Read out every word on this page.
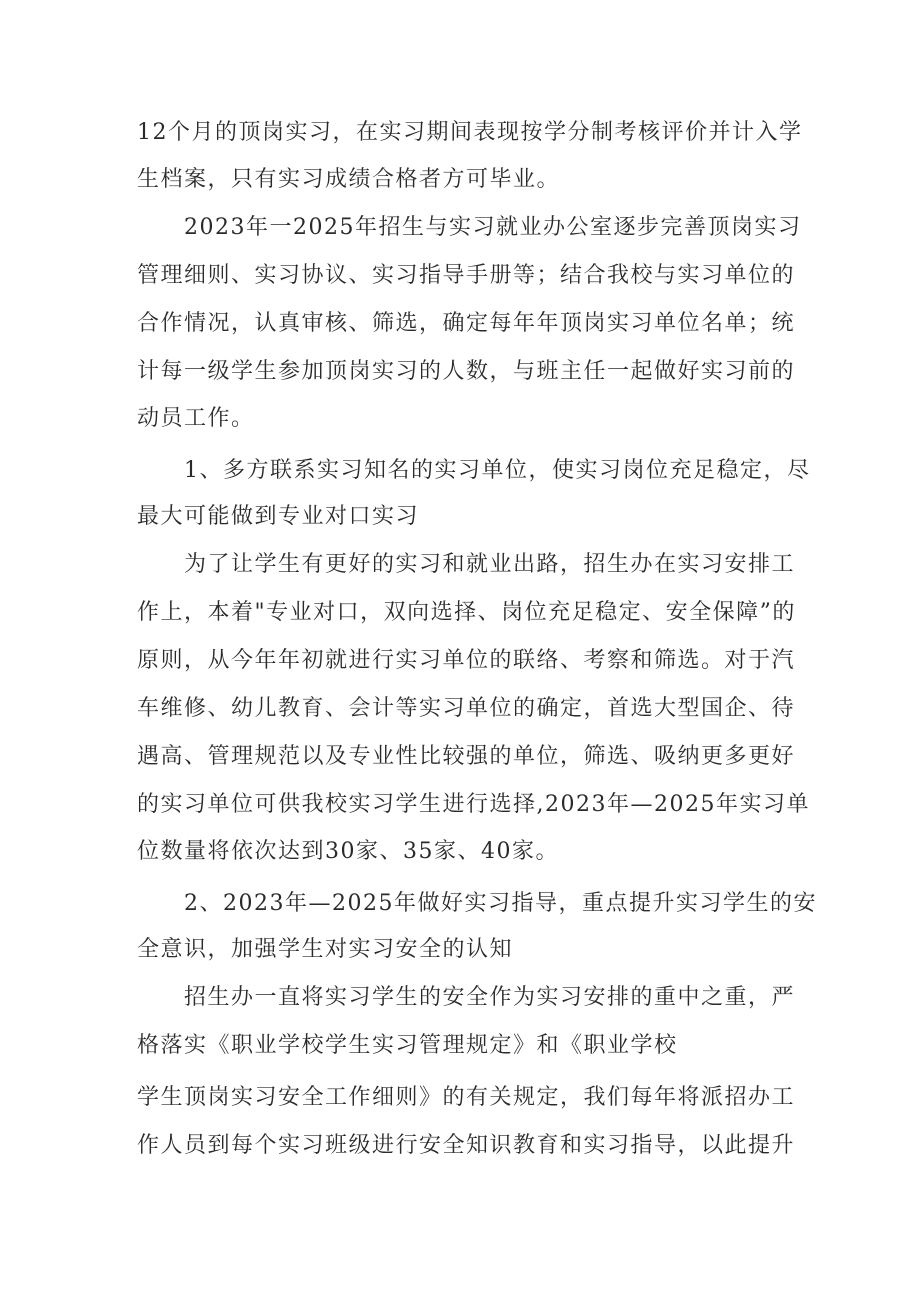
12个月的顶岗实习，在实习期间表现按学分制考核评价并计入学
生档案，只有实习成绩合格者方可毕业。
2023年一2025年招生与实习就业办公室逐步完善顶岗实习
管理细则、实习协议、实习指导手册等；结合我校与实习单位的
合作情况，认真审核、筛选，确定每年年顶岗实习单位名单；统
计每一级学生参加顶岗实习的人数，与班主任一起做好实习前的
动员工作。
1、多方联系实习知名的实习单位，使实习岗位充足稳定，尽
最大可能做到专业对口实习
为了让学生有更好的实习和就业出路，招生办在实习安排工
作上，本着"专业对口，双向选择、岗位充足稳定、安全保障”的
原则，从今年年初就进行实习单位的联络、考察和筛选。对于汽
车维修、幼儿教育、会计等实习单位的确定，首选大型国企、待
遇高、管理规范以及专业性比较强的单位，筛选、吸纳更多更好
的实习单位可供我校实习学生进行选择,2023年—2025年实习单
位数量将依次达到30家、35家、40家。
2、2023年—2025年做好实习指导，重点提升实习学生的安
全意识，加强学生对实习安全的认知
招生办一直将实习学生的安全作为实习安排的重中之重，严
格落实《职业学校学生实习管理规定》和《职业学校
学生顶岗实习安全工作细则》的有关规定，我们每年将派招办工
作人员到每个实习班级进行安全知识教育和实习指导，以此提升
